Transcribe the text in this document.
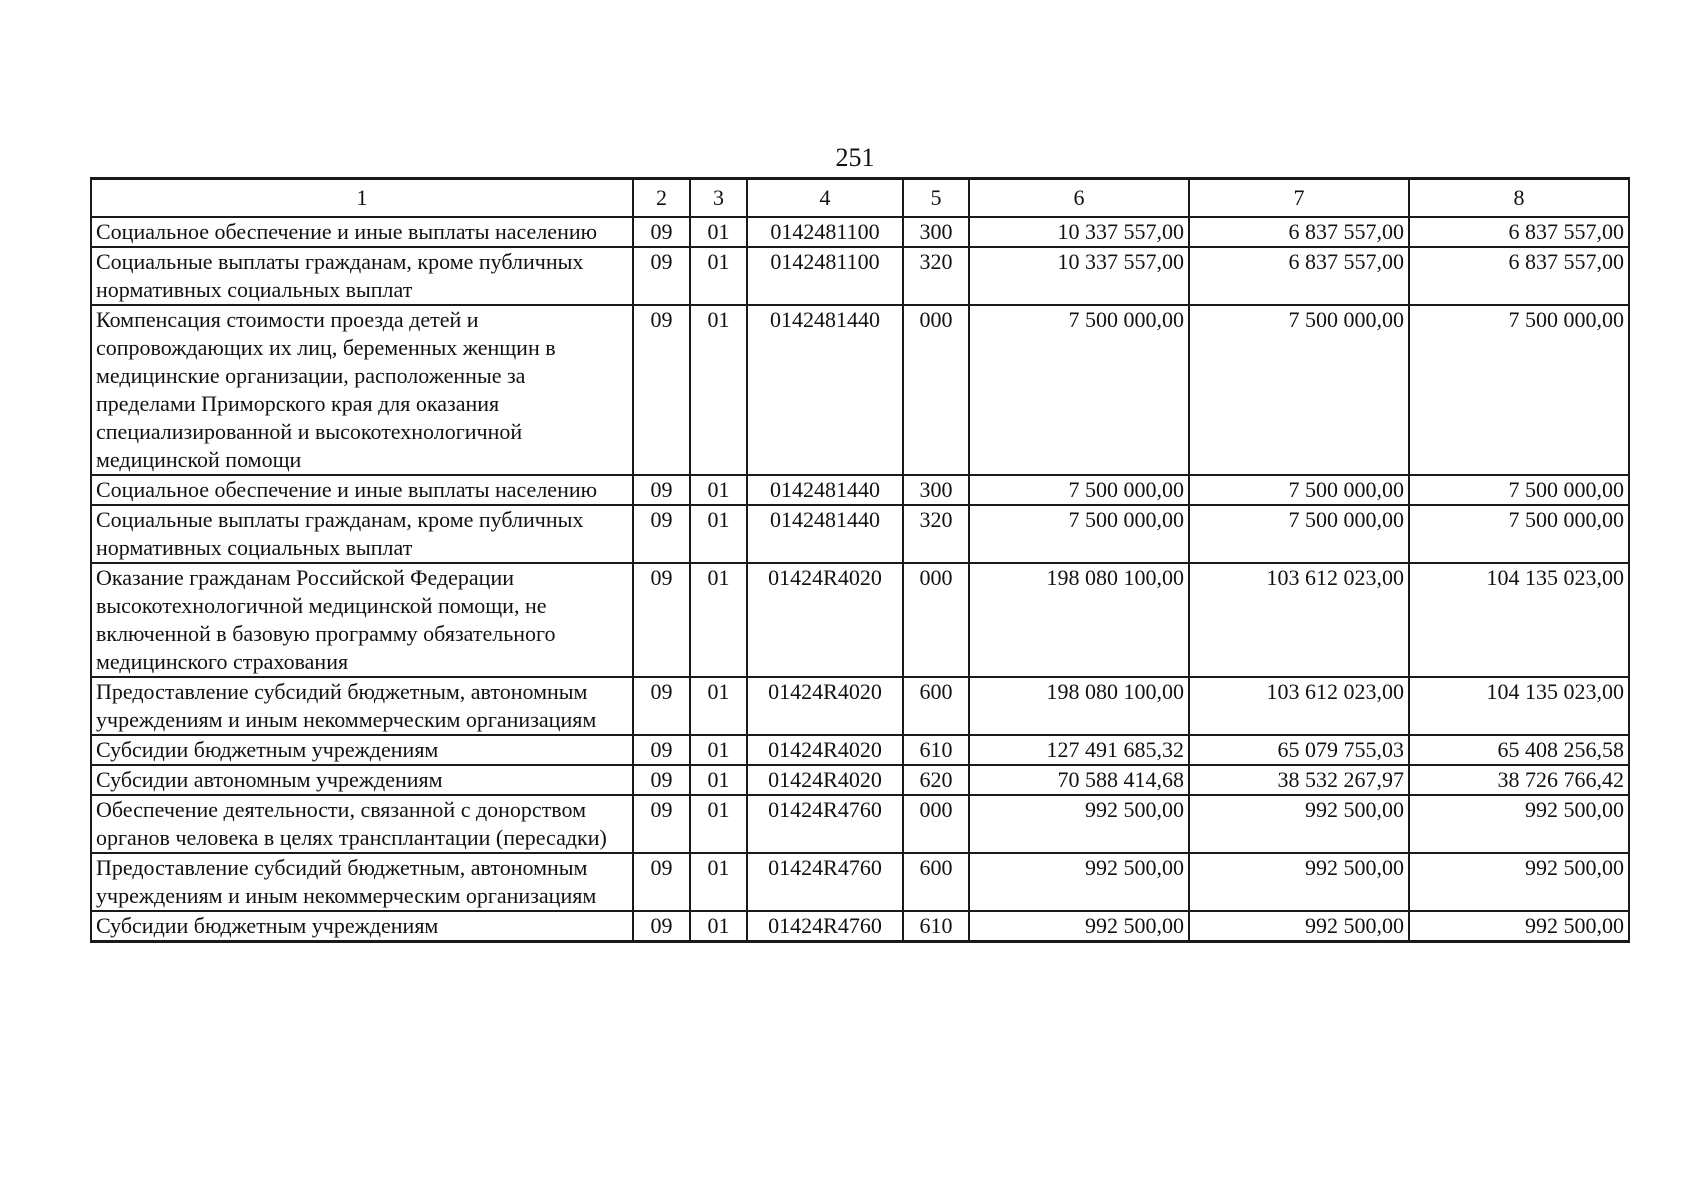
251
1	2	3	4	5	6	7	8
Социальное обеспечение и иные выплаты населению	09	01	0142481100	300	10 337 557,00	6 837 557,00	6 837 557,00
Социальные выплаты гражданам, кроме публичных нормативных социальных выплат	09	01	0142481100	320	10 337 557,00	6 837 557,00	6 837 557,00
Компенсация стоимости проезда детей и сопровождающих их лиц, беременных женщин в медицинские организации, расположенные за пределами Приморского края для оказания специализированной и высокотехнологичной медицинской помощи	09	01	0142481440	000	7 500 000,00	7 500 000,00	7 500 000,00
Социальное обеспечение и иные выплаты населению	09	01	0142481440	300	7 500 000,00	7 500 000,00	7 500 000,00
Социальные выплаты гражданам, кроме публичных нормативных социальных выплат	09	01	0142481440	320	7 500 000,00	7 500 000,00	7 500 000,00
Оказание гражданам Российской Федерации высокотехнологичной медицинской помощи, не включенной в базовую программу обязательного медицинского страхования	09	01	01424R4020	000	198 080 100,00	103 612 023,00	104 135 023,00
Предоставление субсидий бюджетным, автономным учреждениям и иным некоммерческим организациям	09	01	01424R4020	600	198 080 100,00	103 612 023,00	104 135 023,00
Субсидии бюджетным учреждениям	09	01	01424R4020	610	127 491 685,32	65 079 755,03	65 408 256,58
Субсидии автономным учреждениям	09	01	01424R4020	620	70 588 414,68	38 532 267,97	38 726 766,42
Обеспечение деятельности, связанной с донорством органов человека в целях трансплантации (пересадки)	09	01	01424R4760	000	992 500,00	992 500,00	992 500,00
Предоставление субсидий бюджетным, автономным учреждениям и иным некоммерческим организациям	09	01	01424R4760	600	992 500,00	992 500,00	992 500,00
Субсидии бюджетным учреждениям	09	01	01424R4760	610	992 500,00	992 500,00	992 500,00
